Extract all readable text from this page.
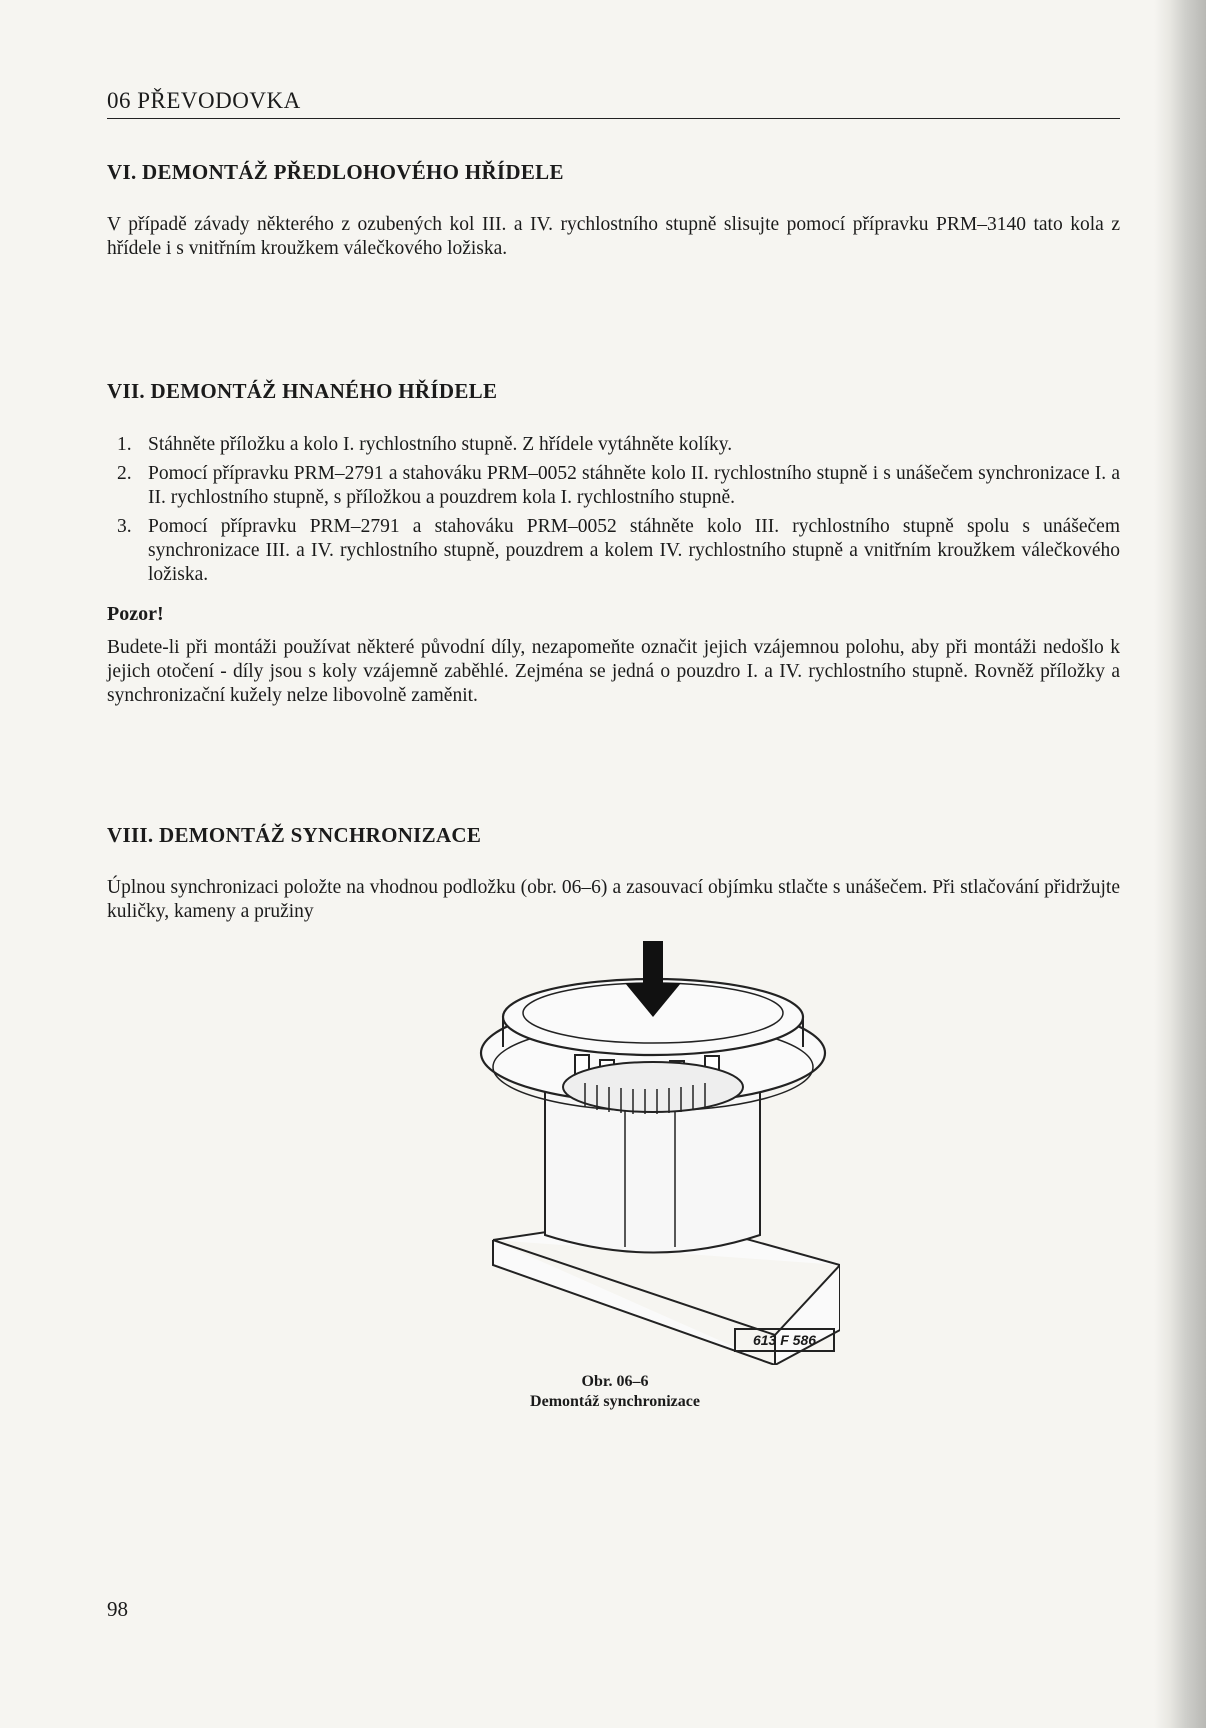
06 PŘEVODOVKA
VI. DEMONTÁŽ PŘEDLOHOVÉHO HŘÍDELE

V případě závady některého z ozubených kol III. a IV. rychlostního stupně slisujte pomocí přípravku PRM–3140 tato kola z hřídele i s vnitřním kroužkem válečkového ložiska.

VII. DEMONTÁŽ HNANÉHO HŘÍDELE
1. Stáhněte příložku a kolo I. rychlostního stupně. Z hřídele vytáhněte kolíky.
2. Pomocí přípravku PRM–2791 a stahováku PRM–0052 stáhněte kolo II. rychlostního stupně i s unášečem synchronizace I. a II. rychlostního stupně, s příložkou a pouzdrem kola I. rychlostního stupně.
3. Pomocí přípravku PRM–2791 a stahováku PRM–0052 stáhněte kolo III. rychlostního stupně spolu s unášečem synchronizace III. a IV. rychlostního stupně, pouzdrem a kolem IV. rychlostního stupně a vnitřním kroužkem válečkového ložiska.
Pozor!

Budete-li při montáži používat některé původní díly, nezapomeňte označit jejich vzájemnou polohu, aby při montáži nedošlo k jejich otočení - díly jsou s koly vzájemně zaběhlé. Zejména se jedná o pouzdro I. a IV. rychlostního stupně. Rovněž příložky a synchronizační kužely nelze libovolně zaměnit.

VIII. DEMONTÁŽ SYNCHRONIZACE

Úplnou synchronizaci položte na vhodnou podložku (obr. 06–6) a zasouvací objímku stlačte s unášečem. Při stlačování přidržujte kuličky, kameny a pružiny

613 F 586
Obr. 06–6
Demontáž synchronizace
98
